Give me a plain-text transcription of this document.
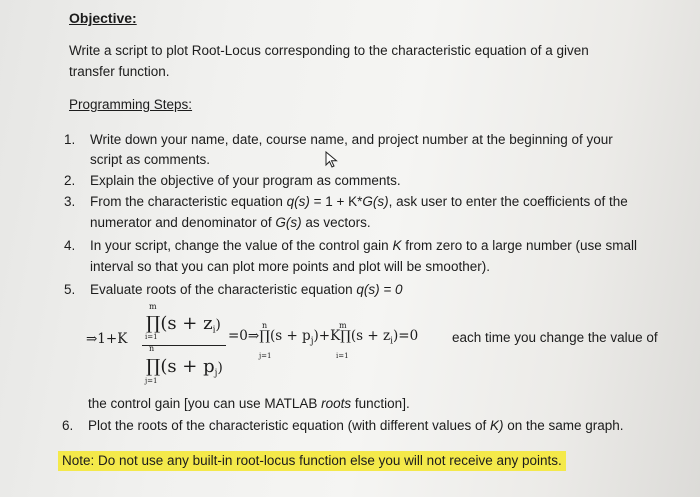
Objective:
Write a script to plot Root-Locus corresponding to the characteristic equation of a given
transfer function.
Programming Steps:
1. Write down your name, date, course name, and project number at the beginning of your
script as comments.
2. Explain the objective of your program as comments.
3. From the characteristic equation q(s) = 1 + K*G(s), ask user to enter the coefficients of the
numerator and denominator of G(s) as vectors.
4. In your script, change the value of the control gain K from zero to a large number (use small
interval so that you can plot more points and plot will be smoother).
5. Evaluate roots of the characteristic equation q(s) = 0
⇒1+K
m
∏(s + $z_i$)
i=1
n
∏(s + $p_j$)
j=1
n	m
=0⇒∏(s + $p_j)+K\prod(s + z_i)=0$
j=1	i=1
each time you change the value of
the control gain [you can use MATLAB roots function].
6. Plot the roots of the characteristic equation (with different values of K) on the same graph.
Note: Do not use any built-in root-locus function else you will not receive any points.
